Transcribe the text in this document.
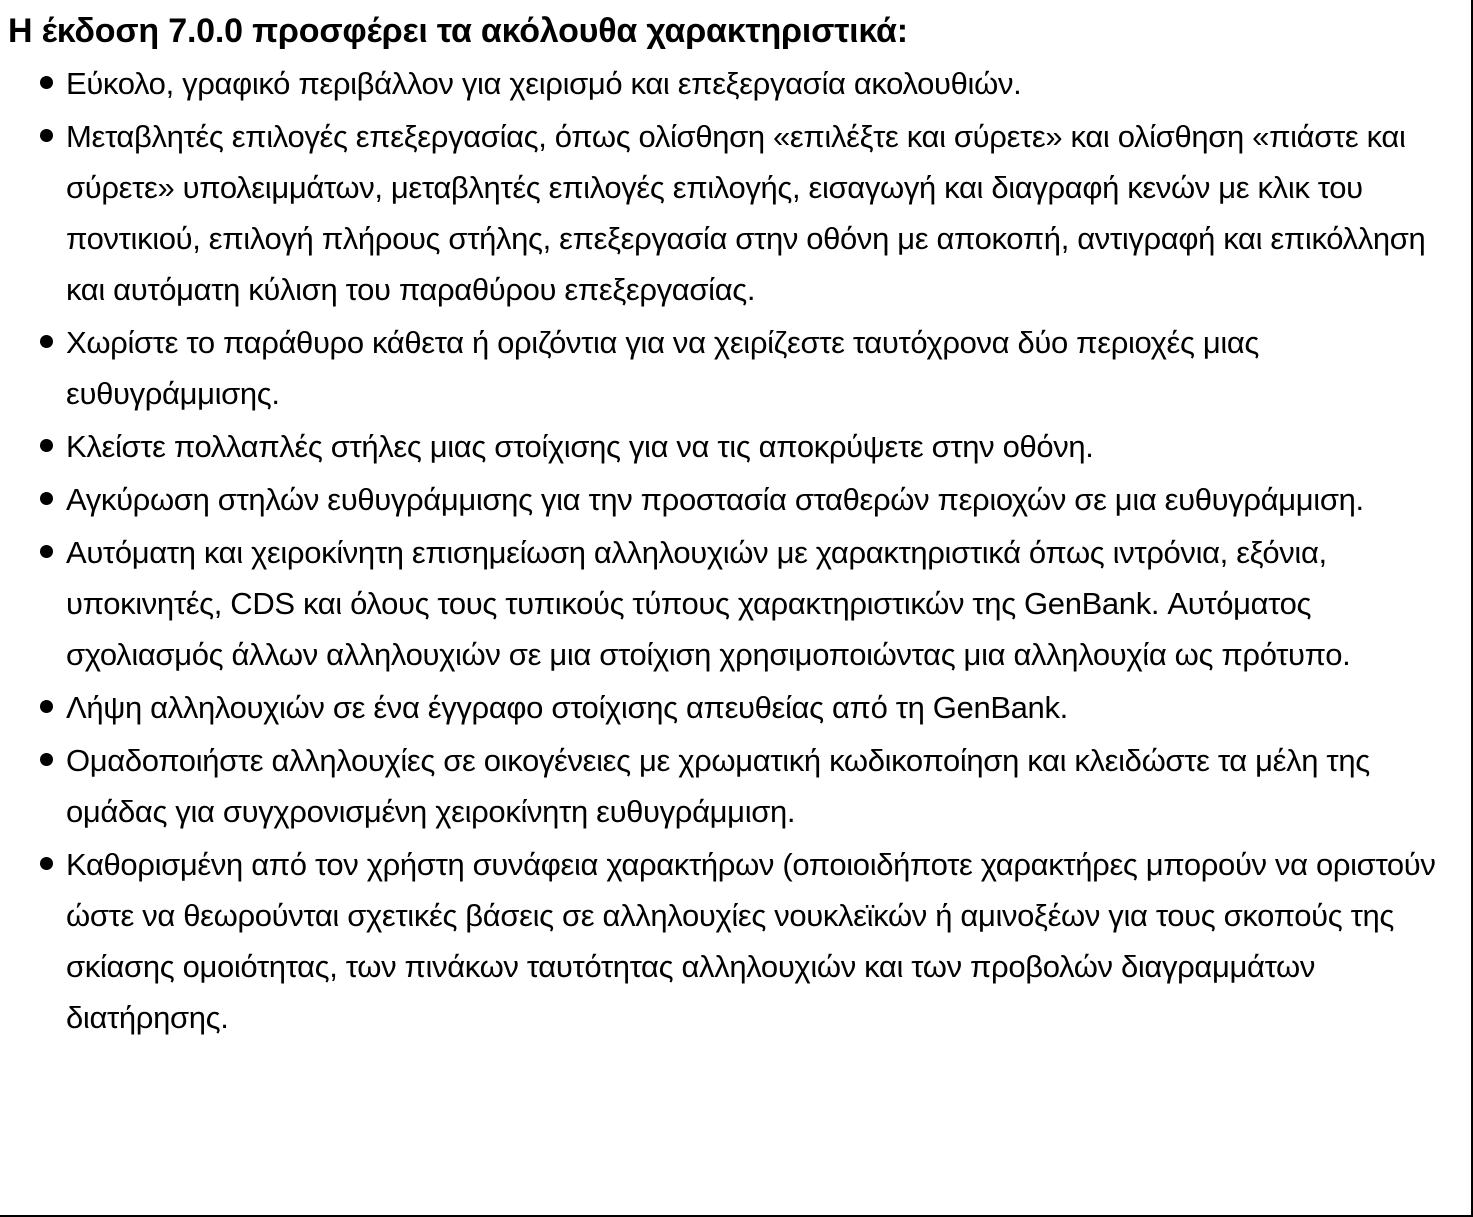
Η έκδοση 7.0.0 προσφέρει τα ακόλουθα χαρακτηριστικά:
Εύκολο, γραφικό περιβάλλον για χειρισμό και επεξεργασία ακολουθιών.
Μεταβλητές επιλογές επεξεργασίας, όπως ολίσθηση «επιλέξτε και σύρετε» και ολίσθηση «πιάστε και σύρετε» υπολειμμάτων, μεταβλητές επιλογές επιλογής, εισαγωγή και διαγραφή κενών με κλικ του ποντικιού, επιλογή πλήρους στήλης, επεξεργασία στην οθόνη με αποκοπή, αντιγραφή και επικόλληση και αυτόματη κύλιση του παραθύρου επεξεργασίας.
Χωρίστε το παράθυρο κάθετα ή οριζόντια για να χειρίζεστε ταυτόχρονα δύο περιοχές μιας ευθυγράμμισης.
Κλείστε πολλαπλές στήλες μιας στοίχισης για να τις αποκρύψετε στην οθόνη.
Αγκύρωση στηλών ευθυγράμμισης για την προστασία σταθερών περιοχών σε μια ευθυγράμμιση.
Αυτόματη και χειροκίνητη επισημείωση αλληλουχιών με χαρακτηριστικά όπως ιντρόνια, εξόνια, υποκινητές, CDS και όλους τους τυπικούς τύπους χαρακτηριστικών της GenBank. Αυτόματος σχολιασμός άλλων αλληλουχιών σε μια στοίχιση χρησιμοποιώντας μια αλληλουχία ως πρότυπο.
Λήψη αλληλουχιών σε ένα έγγραφο στοίχισης απευθείας από τη GenBank.
Ομαδοποιήστε αλληλουχίες σε οικογένειες με χρωματική κωδικοποίηση και κλειδώστε τα μέλη της ομάδας για συγχρονισμένη χειροκίνητη ευθυγράμμιση.
Καθορισμένη από τον χρήστη συνάφεια χαρακτήρων (οποιοιδήποτε χαρακτήρες μπορούν να οριστούν ώστε να θεωρούνται σχετικές βάσεις σε αλληλουχίες νουκλεϊκών ή αμινοξέων για τους σκοπούς της σκίασης ομοιότητας, των πινάκων ταυτότητας αλληλουχιών και των προβολών διαγραμμάτων διατήρησης.
